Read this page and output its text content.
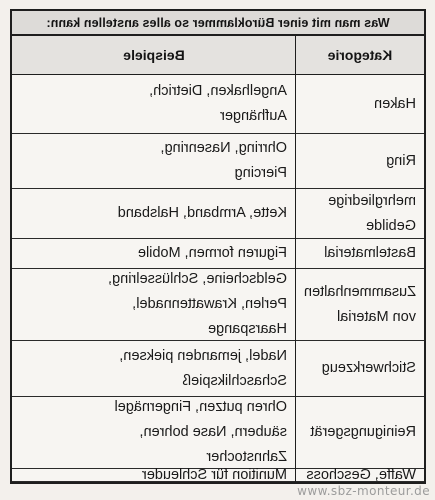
Was man mit einer Büroklammer so alles anstellen kann:
Kategorie
Beispiele
Haken
Angelhaken, Dietrich,
Aufhänger
Ring
Ohrring, Nasenring,
Piercing
mehrgliedrige
Gebilde
Kette, Armband, Halsband
Bastelmaterial
Figuren formen, Mobile
Zusammenhalten
von Material
Geldscheine, Schlüsselring,
Perlen, Krawattennadel,
Haarspange
Stichwerkzeug
Nadel, jemanden pieksen,
Schaschlikspieß
Reinigungsgerät
Ohren putzen, Fingernägel
säubern, Nase bohren,
Zahnstocher
Waffe, Geschoss
Munition für Schleuder
www.sbz-monteur.de
